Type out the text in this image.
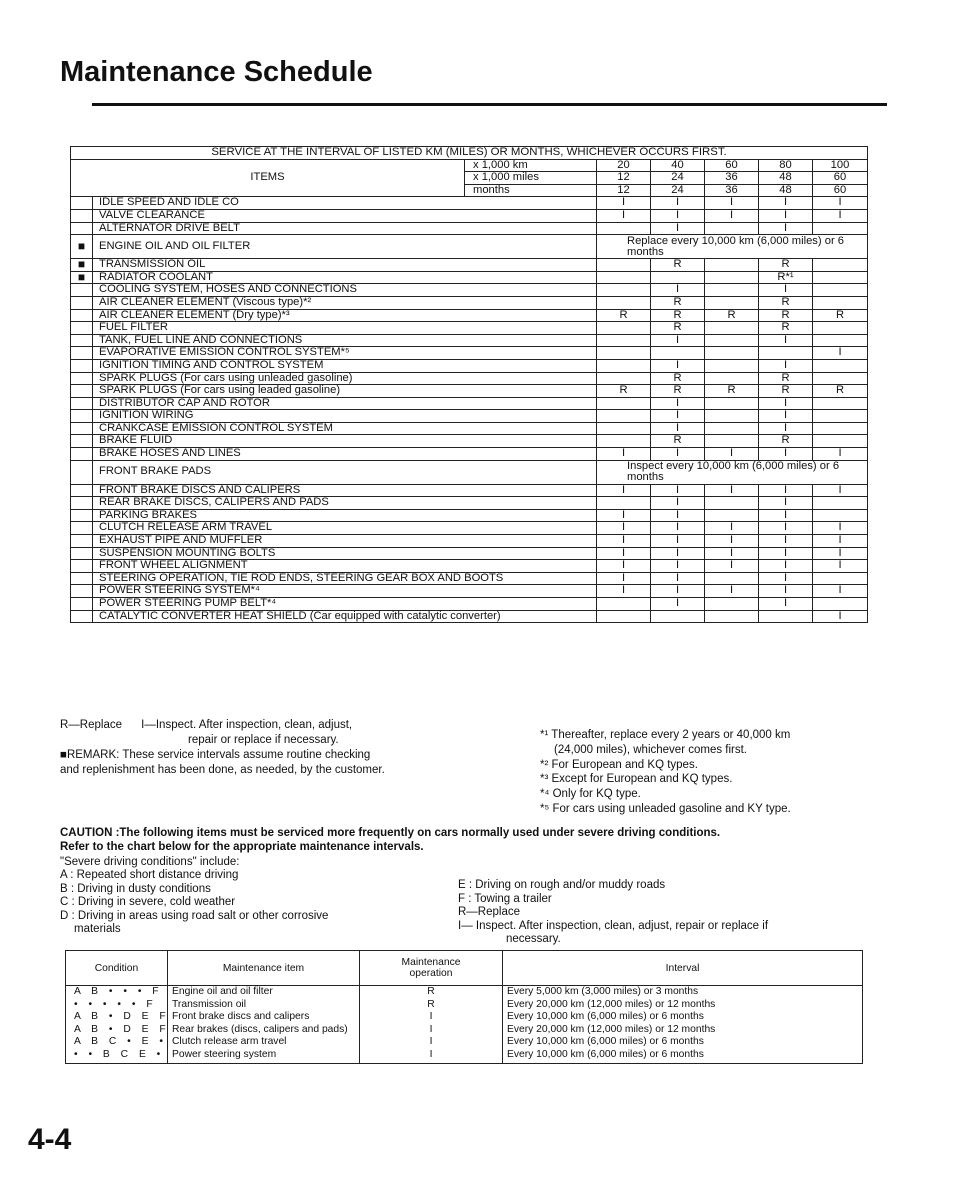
Maintenance Schedule
SERVICE AT THE INTERVAL OF LISTED KM (MILES) OR MONTHS, WHICHEVER OCCURS FIRST.							
ITEMS		x 1,000 km	20	40	60	80	100
		x 1,000 miles	12	24	36	48	60
		months	12	24	36	48	60
	IDLE SPEED AND IDLE CO		I	I	I	I	I
	VALVE CLEARANCE		I	I	I	I	I
	ALTERNATOR DRIVE BELT			I		I	
■	ENGINE OIL AND OIL FILTER		Replace every 10,000 km (6,000 miles) or 6 months				
■	TRANSMISSION OIL			R		R	
■	RADIATOR COOLANT					R*¹	
	COOLING SYSTEM, HOSES AND CONNECTIONS			I		I	
	AIR CLEANER ELEMENT (Viscous type)*²			R		R	
	AIR CLEANER ELEMENT (Dry type)*³		R	R	R	R	R
	FUEL FILTER			R		R	
	TANK, FUEL LINE AND CONNECTIONS			I		I	
	EVAPORATIVE EMISSION CONTROL SYSTEM*⁵						I
	IGNITION TIMING AND CONTROL SYSTEM			I		I	
	SPARK PLUGS (For cars using unleaded gasoline)			R		R	
	SPARK PLUGS (For cars using leaded gasoline)		R	R	R	R	R
	DISTRIBUTOR CAP AND ROTOR			I		I	
	IGNITION WIRING			I		I	
	CRANKCASE EMISSION CONTROL SYSTEM			I		I	
	BRAKE FLUID			R		R	
	BRAKE HOSES AND LINES		I	I	I	I	I
	FRONT BRAKE PADS		Inspect every 10,000 km (6,000 miles) or 6 months				
	FRONT BRAKE DISCS AND CALIPERS		I	I	I	I	I
	REAR BRAKE DISCS, CALIPERS AND PADS			I		I	
	PARKING BRAKES		I	I		I	
	CLUTCH RELEASE ARM TRAVEL		I	I	I	I	I
	EXHAUST PIPE AND MUFFLER		I	I	I	I	I
	SUSPENSION MOUNTING BOLTS		I	I	I	I	I
	FRONT WHEEL ALIGNMENT		I	I	I	I	I
	STEERING OPERATION, TIE ROD ENDS, STEERING GEAR BOX AND BOOTS		I	I		I	
	POWER STEERING SYSTEM*⁴		I	I	I	I	I
	POWER STEERING PUMP BELT*⁴			I		I	
	CATALYTIC CONVERTER HEAT SHIELD (Car equipped with catalytic converter)						I
R—Replace      I—Inspect. After inspection, clean, adjust,
repair or replace if necessary.
■REMARK: These service intervals assume routine checking
and replenishment has been done, as needed, by the customer.
*¹ Thereafter, replace every 2 years or 40,000 km
(24,000 miles), whichever comes first.
*² For European and KQ types.
*³ Except for European and KQ types.
*⁴ Only for KQ type.
*⁵ For cars using unleaded gasoline and KY type.
CAUTION :The following items must be serviced more frequently on cars normally used under severe driving conditions.
Refer to the chart below for the appropriate maintenance intervals.
"Severe driving conditions" include:
A : Repeated short distance driving
B : Driving in dusty conditions
C : Driving in severe, cold weather
D : Driving in areas using road salt or other corrosive
materials
E : Driving on rough and/or muddy roads
F : Towing a trailer
R—Replace
I— Inspect. After inspection, clean, adjust, repair or replace if
necessary.
Condition	Maintenance item	Maintenance operation	Interval
A B • • • F	Engine oil and oil filter	R	Every 5,000 km (3,000 miles) or 3 months
• • • • • F	Transmission oil	R	Every 20,000 km (12,000 miles) or 12 months
A B • D E F	Front brake discs and calipers	I	Every 10,000 km (6,000 miles) or 6 months
A B • D E F	Rear brakes (discs, calipers and pads)	I	Every 20,000 km (12,000 miles) or 12 months
A B C • E •	Clutch release arm travel	I	Every 10,000 km (6,000 miles) or 6 months
• • B C E •	Power steering system	I	Every 10,000 km (6,000 miles) or 6 months
4-4
